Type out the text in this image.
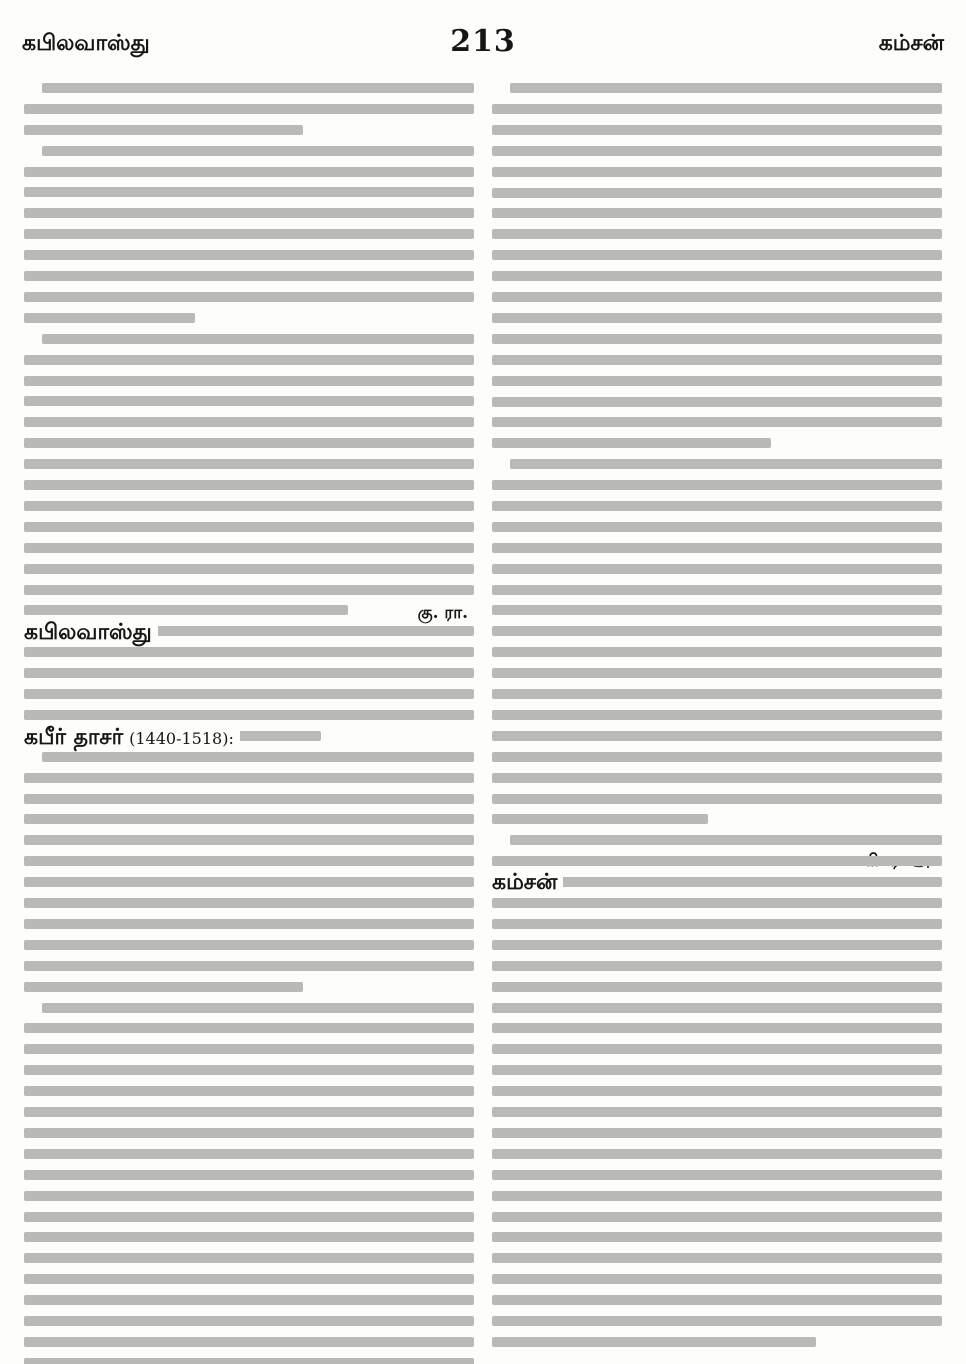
கபிலவாஸ்து	213	கம்சன்
கு. ரா.
கபிலவாஸ்து
கபீர் தாசர் (1440-1518):
கம்சன்
